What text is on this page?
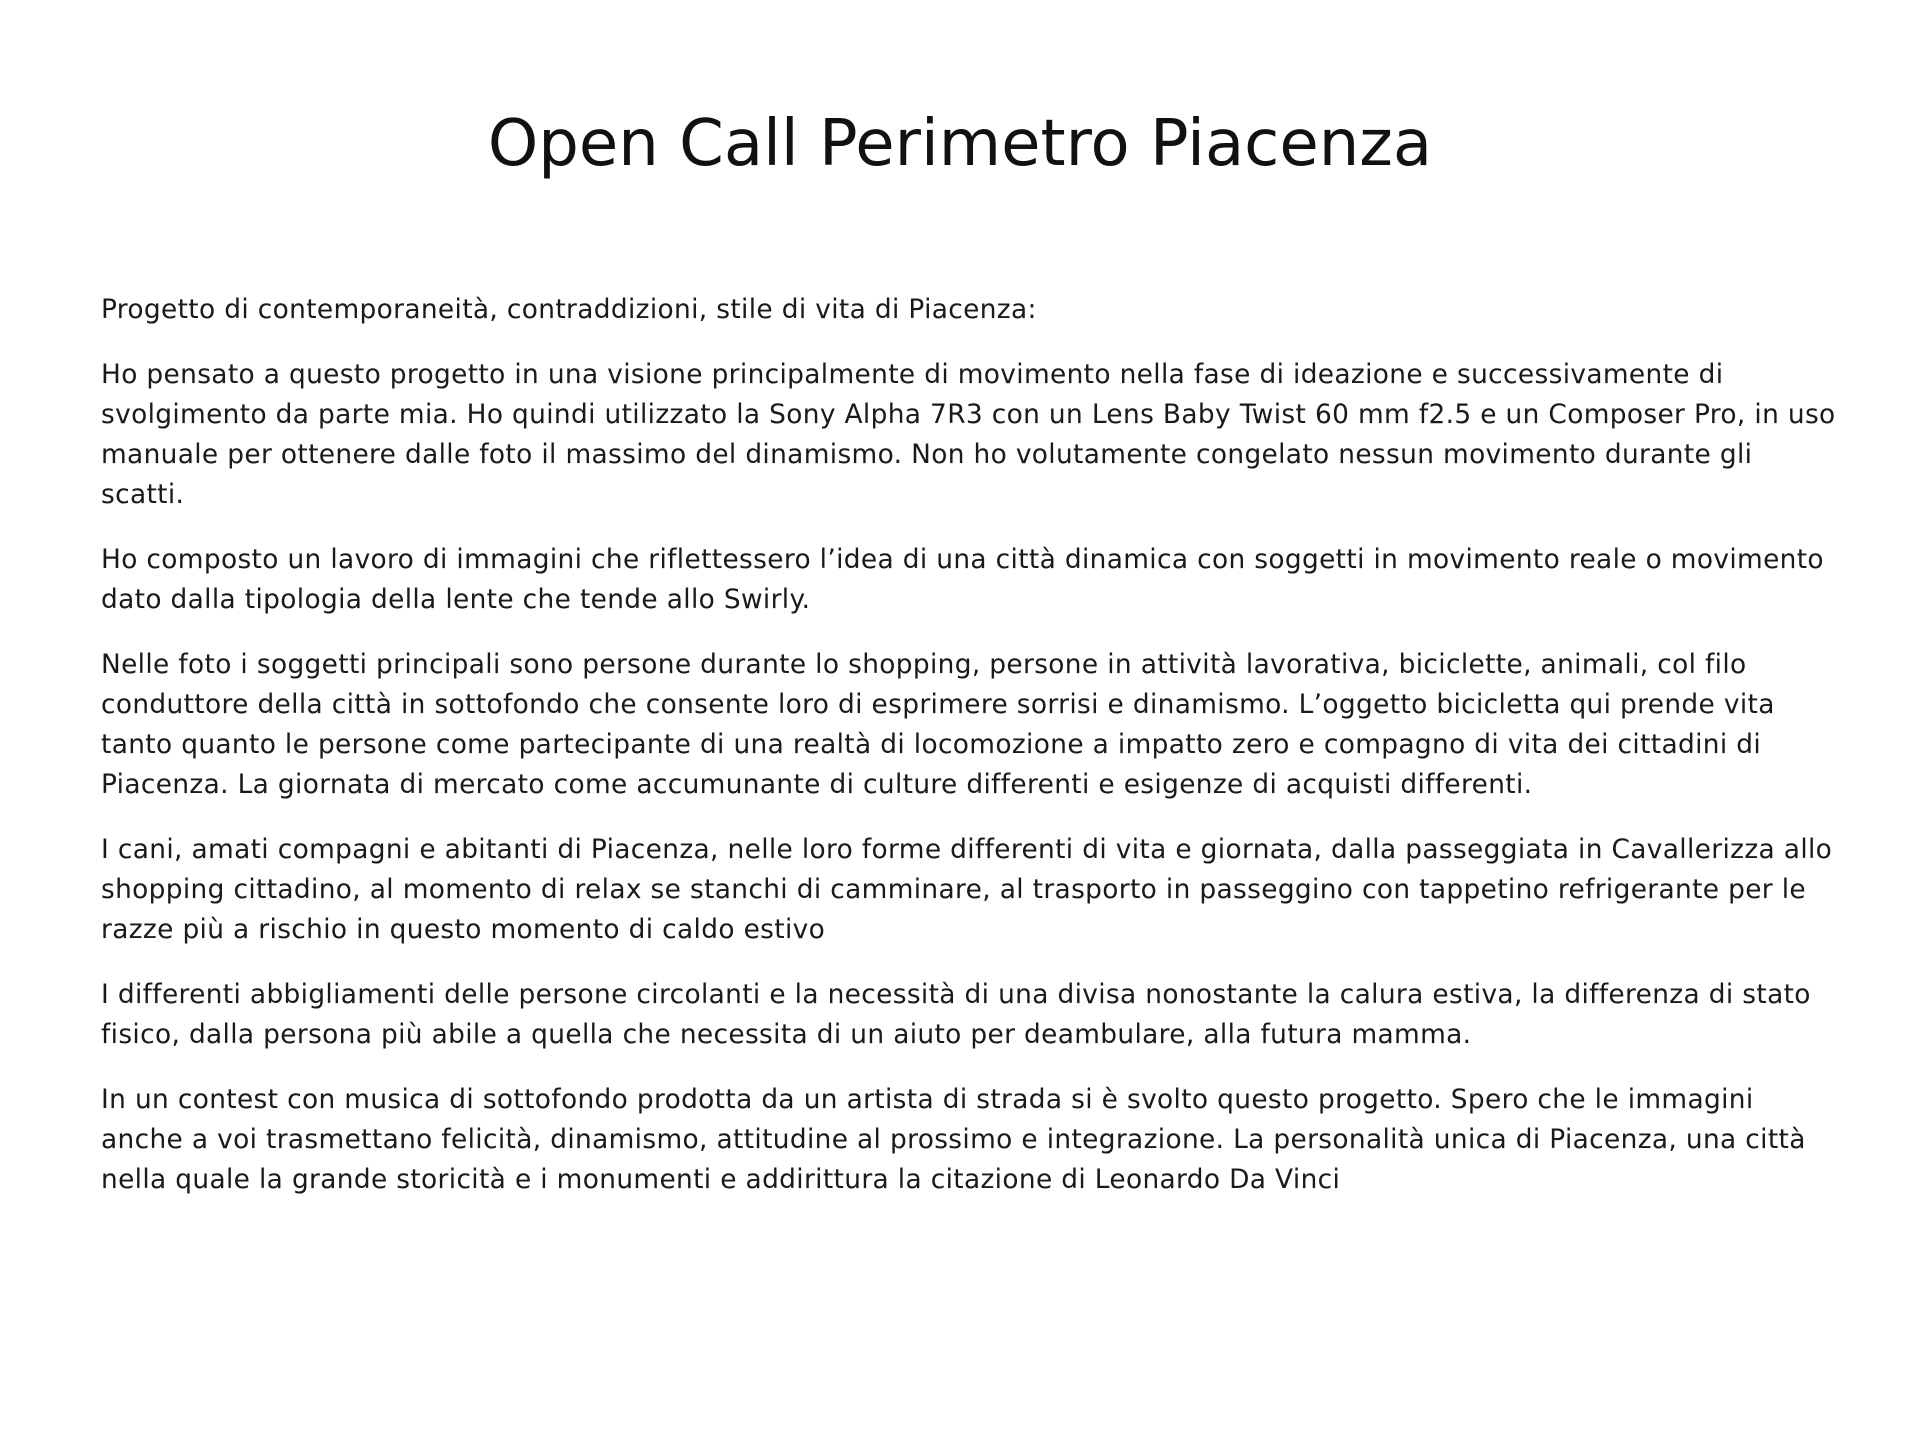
Open Call Perimetro Piacenza

Progetto di contemporaneità, contraddizioni, stile di vita di Piacenza:

Ho pensato a questo progetto in una visione principalmente di movimento nella fase di ideazione e successivamente di svolgimento da parte mia. Ho quindi utilizzato la Sony Alpha 7R3 con un Lens Baby Twist 60 mm f2.5 e un Composer Pro, in uso manuale per ottenere dalle foto il massimo del dinamismo. Non ho volutamente congelato nessun movimento durante gli scatti.

Ho composto un lavoro di immagini che riflettessero l’idea di una città dinamica con soggetti in movimento reale o movimento dato dalla tipologia della lente che tende allo Swirly.

Nelle foto i soggetti principali sono persone durante lo shopping, persone in attività lavorativa, biciclette, animali, col filo conduttore della città in sottofondo che consente loro di esprimere sorrisi e dinamismo. L’oggetto bicicletta qui prende vita tanto quanto le persone come partecipante di una realtà di locomozione a impatto zero e compagno di vita dei cittadini di Piacenza. La giornata di mercato come accumunante di culture differenti e esigenze di acquisti differenti.

I cani, amati compagni e abitanti di Piacenza, nelle loro forme differenti di vita e giornata, dalla passeggiata in Cavallerizza allo shopping cittadino, al momento di relax se stanchi di camminare, al trasporto in passeggino con tappetino refrigerante per le razze più a rischio in questo momento di caldo estivo

I differenti abbigliamenti delle persone circolanti e la necessità di una divisa nonostante la calura estiva, la differenza di stato fisico, dalla persona più abile a quella che necessita di un aiuto per deambulare, alla futura mamma.

In un contest con musica di sottofondo prodotta da un artista di strada si è svolto questo progetto. Spero che le immagini anche a voi trasmettano felicità, dinamismo, attitudine al prossimo e integrazione. La personalità unica di Piacenza, una città nella quale la grande storicità e i monumenti e addirittura la citazione di Leonardo Da Vinci
